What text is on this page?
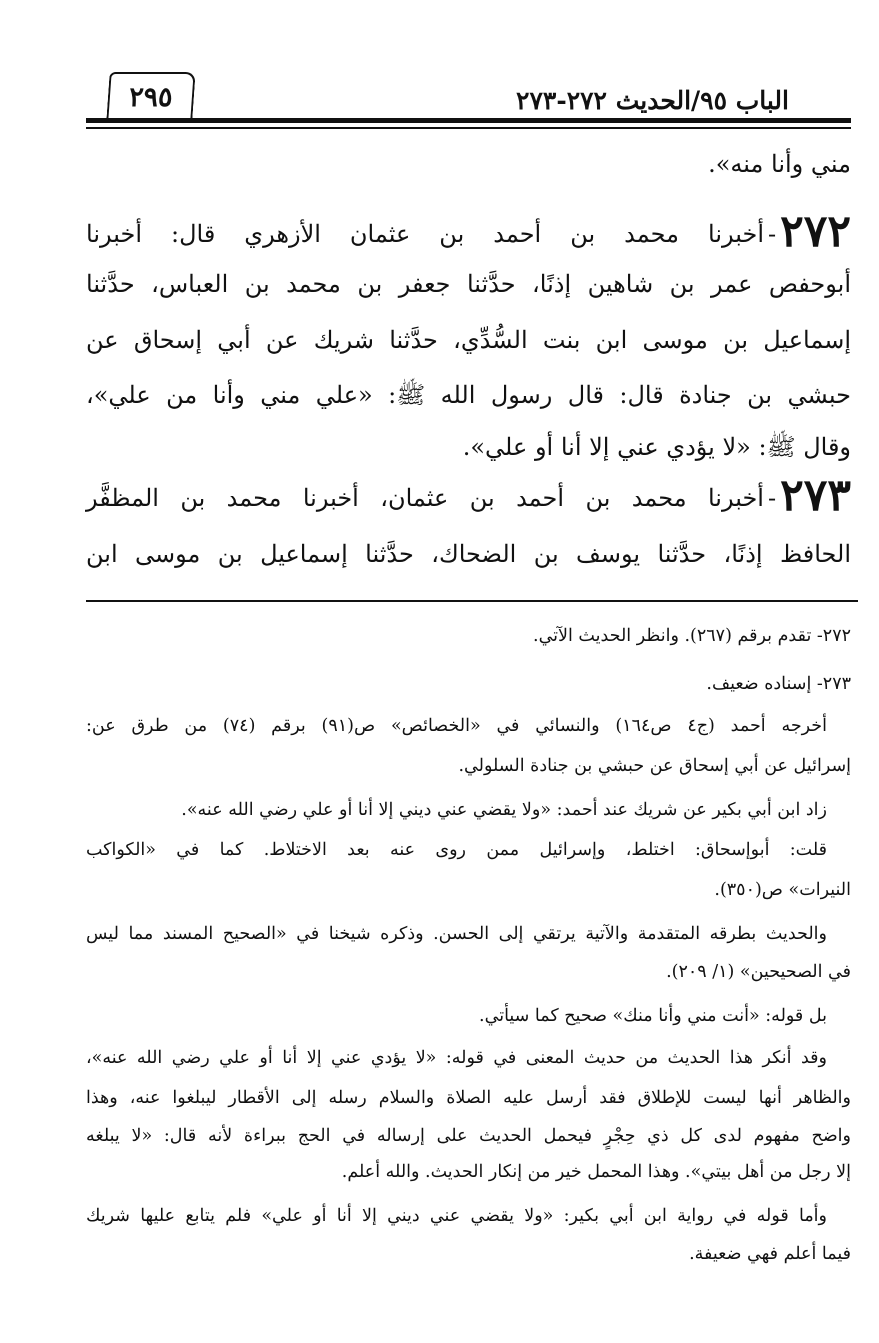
الباب ٩٥/الحديث ٢٧٢-٢٧٣
٢٩٥
مني وأنا منه».
٢٧٢-أخبرنا محمد بن أحمد بن عثمان الأزهري قال: أخبرنا
أبوحفص عمر بن شاهين إذنًا، حدَّثنا جعفر بن محمد بن العباس، حدَّثنا
إسماعيل بن موسى ابن بنت السُّدِّي، حدَّثنا شريك عن أبي إسحاق عن
حبشي بن جنادة قال: قال رسول الله ﷺ: «علي مني وأنا من علي»،
وقال ﷺ: «لا يؤدي عني إلا أنا أو علي».
٢٧٣-أخبرنا محمد بن أحمد بن عثمان، أخبرنا محمد بن المظفَّر
الحافظ إذنًا، حدَّثنا يوسف بن الضحاك، حدَّثنا إسماعيل بن موسى ابن
٢٧٢- تقدم برقم (٢٦٧). وانظر الحديث الآتي.
٢٧٣- إسناده ضعيف.
أخرجه أحمد (ج٤ ص١٦٤) والنسائي في «الخصائص» ص(٩١) برقم (٧٤) من طرق عن:
إسرائيل عن أبي إسحاق عن حبشي بن جنادة السلولي.
زاد ابن أبي بكير عن شريك عند أحمد: «ولا يقضي عني ديني إلا أنا أو علي رضي الله عنه».
قلت: أبوإسحاق: اختلط، وإسرائيل ممن روى عنه بعد الاختلاط. كما في «الكواكب
النيرات» ص(٣٥٠).
والحديث بطرقه المتقدمة والآتية يرتقي إلى الحسن. وذكره شيخنا في «الصحيح المسند مما ليس
في الصحيحين» (١/ ٢٠٩).
بل قوله: «أنت مني وأنا منك» صحيح كما سيأتي.
وقد أنكر هذا الحديث من حديث المعنى في قوله: «لا يؤدي عني إلا أنا أو علي رضي الله عنه»،
والظاهر أنها ليست للإطلاق فقد أرسل عليه الصلاة والسلام رسله إلى الأقطار ليبلغوا عنه، وهذا
واضح مفهوم لدى كل ذي حِجْرٍ فيحمل الحديث على إرساله في الحج ببراءة لأنه قال: «لا يبلغه
إلا رجل من أهل بيتي». وهذا المحمل خير من إنكار الحديث. والله أعلم.
وأما قوله في رواية ابن أبي بكير: «ولا يقضي عني ديني إلا أنا أو علي» فلم يتابع عليها شريك
فيما أعلم فهي ضعيفة.
